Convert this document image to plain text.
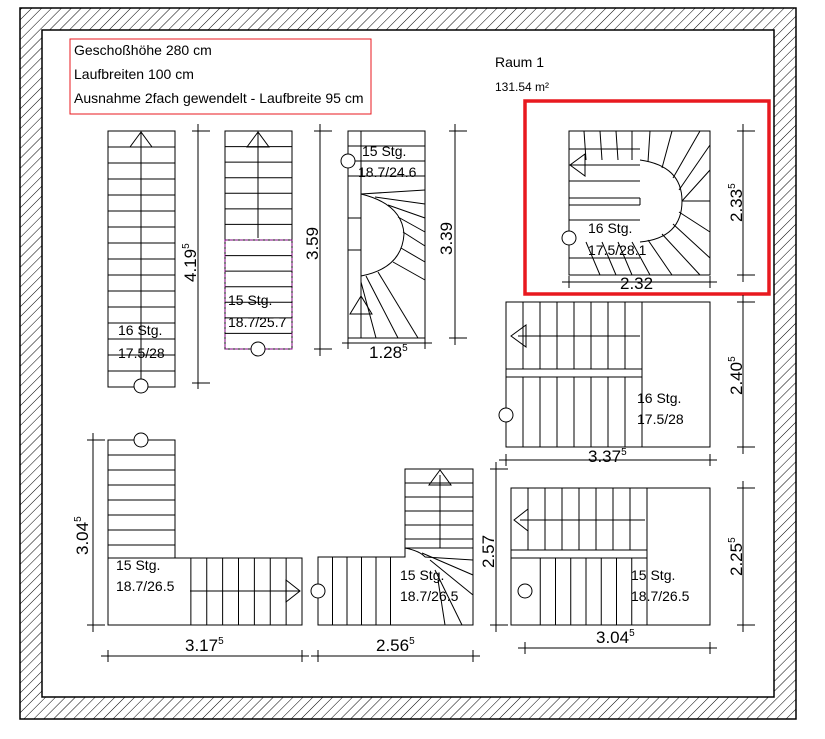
Geschoßhöhe 280 cm
Laufbreiten 100 cm
Ausnahme 2fach gewendelt - Laufbreite 95 cm
Raum 1
131.54 m²
16 Stg.
17.5/28
4.19$^5$
15 Stg.
18.7/25.7
3.59
15 Stg.
18.7/24.6
3.39
1.28$^5$
16 Stg.
17.5/28.1
2.33$^5$
2.32
16 Stg.
17.5/28
2.40$^5$
3.37$^5$
15 Stg.
18.7/26.5
3.04$^5$
3.17$^5$
15 Stg.
18.7/26.5
2.57
2.56$^5$
15 Stg.
18.7/26.5
2.25$^5$
3.04$^5$
